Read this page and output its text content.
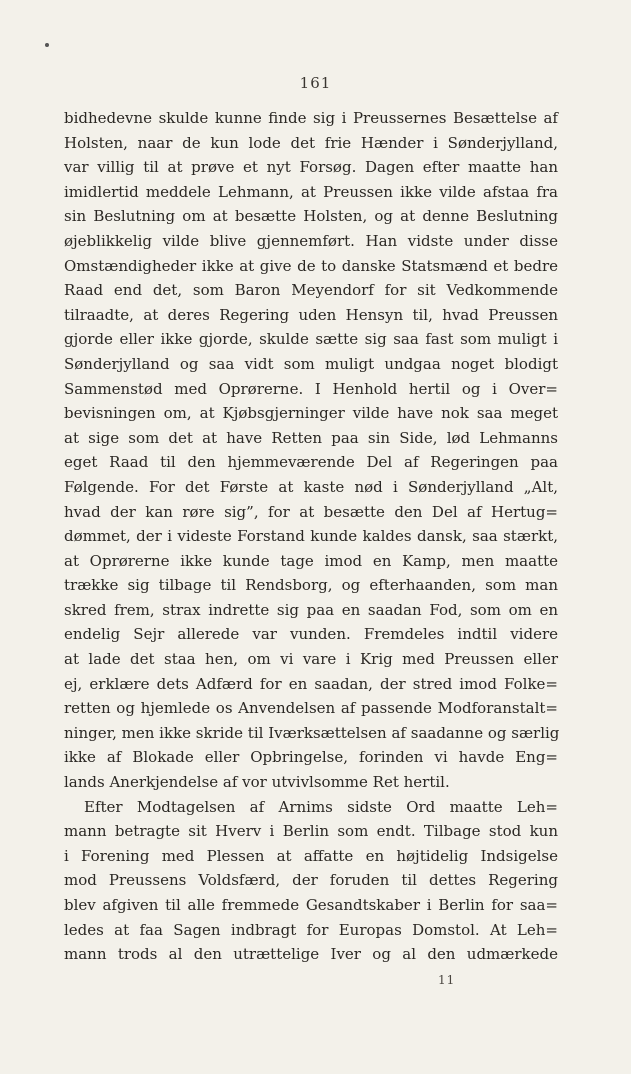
161
bidhedevne skulde kunne finde sig i Preussernes Besættelse af
Holsten, naar de kun lode det frie Hænder i Sønderjylland,
var villig til at prøve et nyt Forsøg. Dagen efter maatte han
imidlertid meddele Lehmann, at Preussen ikke vilde afstaa fra
sin Beslutning om at besætte Holsten, og at denne Beslutning
øjeblikkelig vilde blive gjennemført. Han vidste under disse
Omstændigheder ikke at give de to danske Statsmænd et bedre
Raad end det, som Baron Meyendorf for sit Vedkommende
tilraadte, at deres Regering uden Hensyn til, hvad Preussen
gjorde eller ikke gjorde, skulde sætte sig saa fast som muligt i
Sønderjylland og saa vidt som muligt undgaa noget blodigt
Sammenstød med Oprørerne. I Henhold hertil og i Over=
bevisningen om, at Kjøbsgjerninger vilde have nok saa meget
at sige som det at have Retten paa sin Side, lød Lehmanns
eget Raad til den hjemmeværende Del af Regeringen paa
Følgende. For det Første at kaste nød i Sønderjylland „Alt,
hvad der kan røre sig”, for at besætte den Del af Hertug=
dømmet, der i videste Forstand kunde kaldes dansk, saa stærkt,
at Oprørerne ikke kunde tage imod en Kamp, men maatte
trække sig tilbage til Rendsborg, og efterhaanden, som man
skred frem, strax indrette sig paa en saadan Fod, som om en
endelig Sejr allerede var vunden. Fremdeles indtil videre
at lade det staa hen, om vi vare i Krig med Preussen eller
ej, erklære dets Adfærd for en saadan, der stred imod Folke=
retten og hjemlede os Anvendelsen af passende Modforanstalt=
ninger, men ikke skride til Iværksættelsen af saadanne og særlig
ikke af Blokade eller Opbringelse, forinden vi havde Eng=
lands Anerkjendelse af vor utvivlsomme Ret hertil.
Efter Modtagelsen af Arnims sidste Ord maatte Leh=
mann betragte sit Hverv i Berlin som endt. Tilbage stod kun
i Forening med Plessen at affatte en højtidelig Indsigelse
mod Preussens Voldsfærd, der foruden til dettes Regering
blev afgiven til alle fremmede Gesandtskaber i Berlin for saa=
ledes at faa Sagen indbragt for Europas Domstol. At Leh=
mann trods al den utrættelige Iver og al den udmærkede
11
